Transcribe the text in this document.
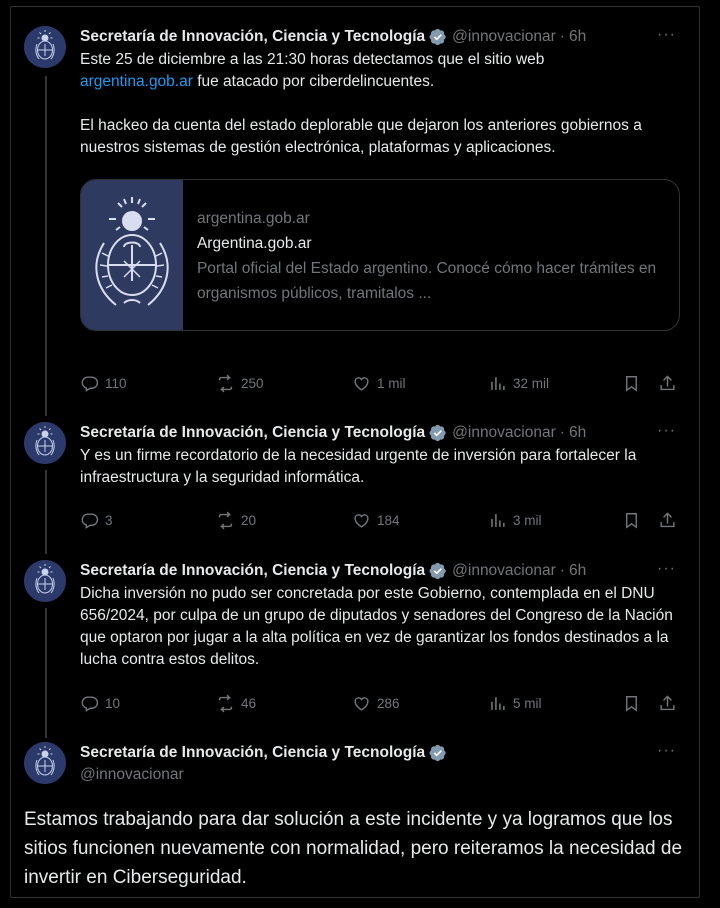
Secretaría de Innovación, Ciencia y Tecnología @innovacionar · 6h
Este 25 de diciembre a las 21:30 horas detectamos que el sitio web
argentina.gob.ar fue atacado por ciberdelincuentes.
El hackeo da cuenta del estado deplorable que dejaron los anteriores gobiernos a nuestros sistemas de gestión electrónica, plataformas y aplicaciones.
argentina.gob.ar
Argentina.gob.ar
Portal oficial del Estado argentino. Conocé cómo hacer trámites en organismos públicos, tramitalos ...
···
110	250	1 mil	32 mil
Secretaría de Innovación, Ciencia y Tecnología @innovacionar · 6h
Y es un firme recordatorio de la necesidad urgente de inversión para fortalecer la infraestructura y la seguridad informática.
···
3	20	184	3 mil
Secretaría de Innovación, Ciencia y Tecnología @innovacionar · 6h
Dicha inversión no pudo ser concretada por este Gobierno, contemplada en el DNU 656/2024, por culpa de un grupo de diputados y senadores del Congreso de la Nación que optaron por jugar a la alta política en vez de garantizar los fondos destinados a la lucha contra estos delitos.
···
10	46	286	5 mil
Secretaría de Innovación, Ciencia y Tecnología
@innovacionar
···
Estamos trabajando para dar solución a este incidente y ya logramos que los sitios funcionen nuevamente con normalidad, pero reiteramos la necesidad de invertir en Ciberseguridad.
